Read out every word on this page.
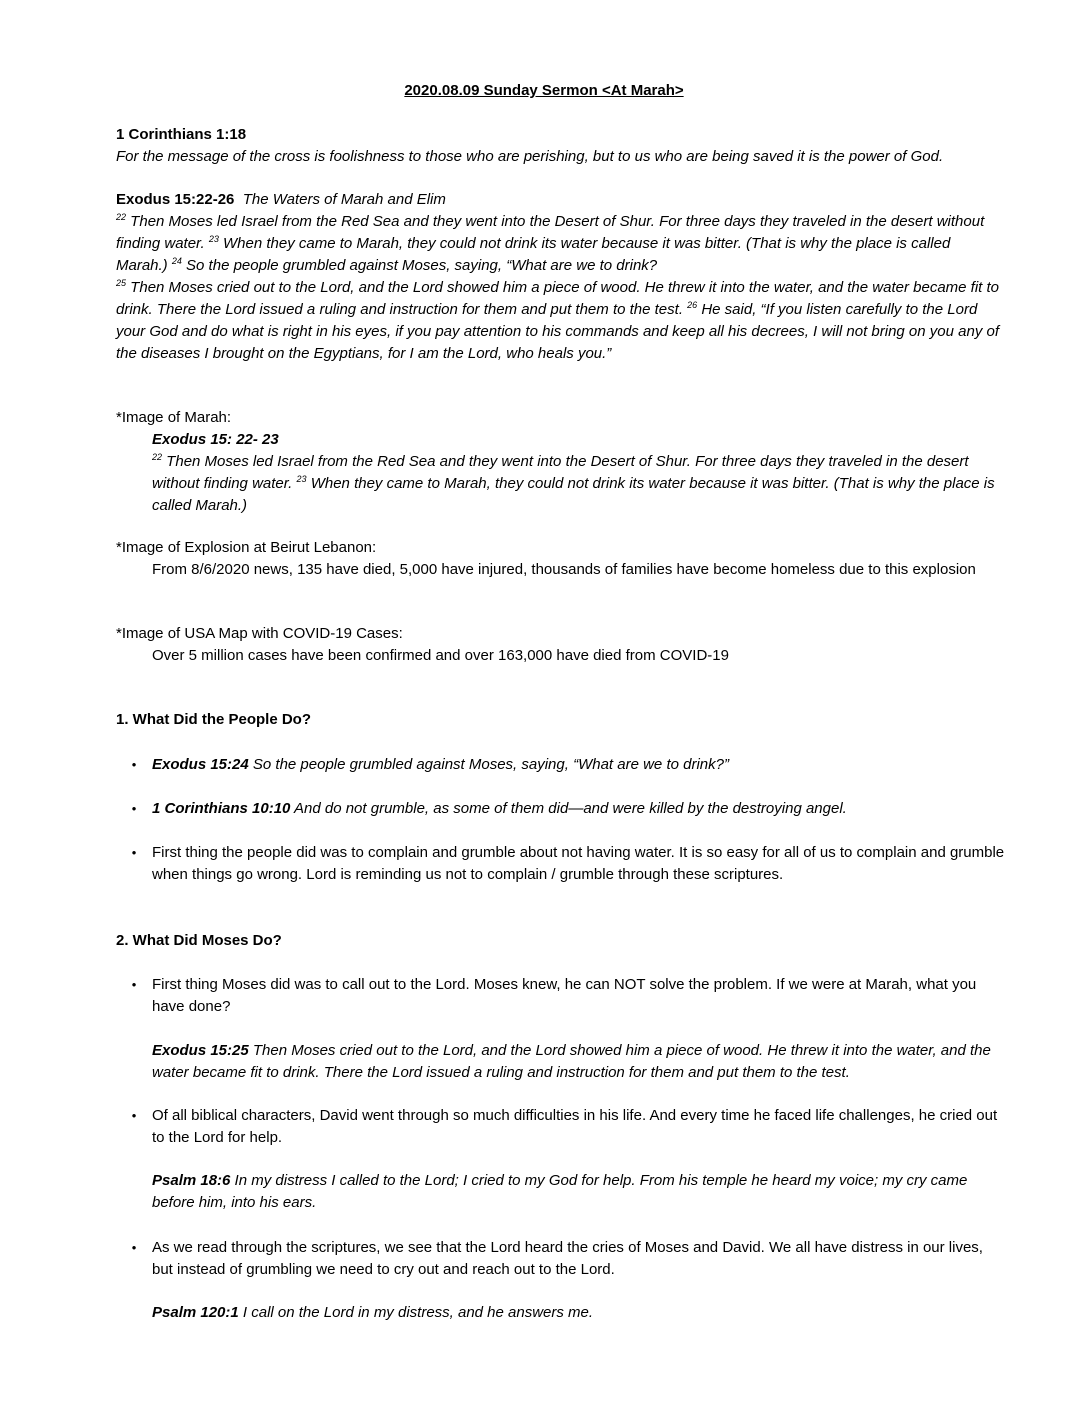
2020.08.09 Sunday Sermon <At Marah>
1 Corinthians 1:18
For the message of the cross is foolishness to those who are perishing, but to us who are being saved it is the power of God.
Exodus 15:22-26 The Waters of Marah and Elim
$^{22}$ Then Moses led Israel from the Red Sea and they went into the Desert of Shur. For three days they traveled in the desert without finding water. $^{23}$ When they came to Marah, they could not drink its water because it was bitter. (That is why the place is called Marah.) $^{24}$ So the people grumbled against Moses, saying, “What are we to drink?
$^{25}$ Then Moses cried out to the Lord, and the Lord showed him a piece of wood. He threw it into the water, and the water became fit to drink. There the Lord issued a ruling and instruction for them and put them to the test. $^{26}$ He said, “If you listen carefully to the Lord your God and do what is right in his eyes, if you pay attention to his commands and keep all his decrees, I will not bring on you any of the diseases I brought on the Egyptians, for I am the Lord, who heals you.”
*Image of Marah:
Exodus 15: 22- 23
$^{22}$ Then Moses led Israel from the Red Sea and they went into the Desert of Shur. For three days they traveled in the desert without finding water. $^{23}$ When they came to Marah, they could not drink its water because it was bitter. (That is why the place is called Marah.)
*Image of Explosion at Beirut Lebanon:
From 8/6/2020 news, 135 have died, 5,000 have injured, thousands of families have become homeless due to this explosion
*Image of USA Map with COVID-19 Cases:
Over 5 million cases have been confirmed and over 163,000 have died from COVID-19
1. What Did the People Do?
•	Exodus 15:24 So the people grumbled against Moses, saying, “What are we to drink?”
•	1 Corinthians 10:10 And do not grumble, as some of them did—and were killed by the destroying angel.
•	First thing the people did was to complain and grumble about not having water. It is so easy for all of us to complain and grumble when things go wrong. Lord is reminding us not to complain / grumble through these scriptures.
2. What Did Moses Do?
•	First thing Moses did was to call out to the Lord. Moses knew, he can NOT solve the problem. If we were at Marah, what you have done?
Exodus 15:25 Then Moses cried out to the Lord, and the Lord showed him a piece of wood. He threw it into the water, and the water became fit to drink. There the Lord issued a ruling and instruction for them and put them to the test.
•	Of all biblical characters, David went through so much difficulties in his life. And every time he faced life challenges, he cried out to the Lord for help.
Psalm 18:6 In my distress I called to the Lord; I cried to my God for help. From his temple he heard my voice; my cry came before him, into his ears.
•	As we read through the scriptures, we see that the Lord heard the cries of Moses and David. We all have distress in our lives, but instead of grumbling we need to cry out and reach out to the Lord.
Psalm 120:1 I call on the Lord in my distress, and he answers me.
